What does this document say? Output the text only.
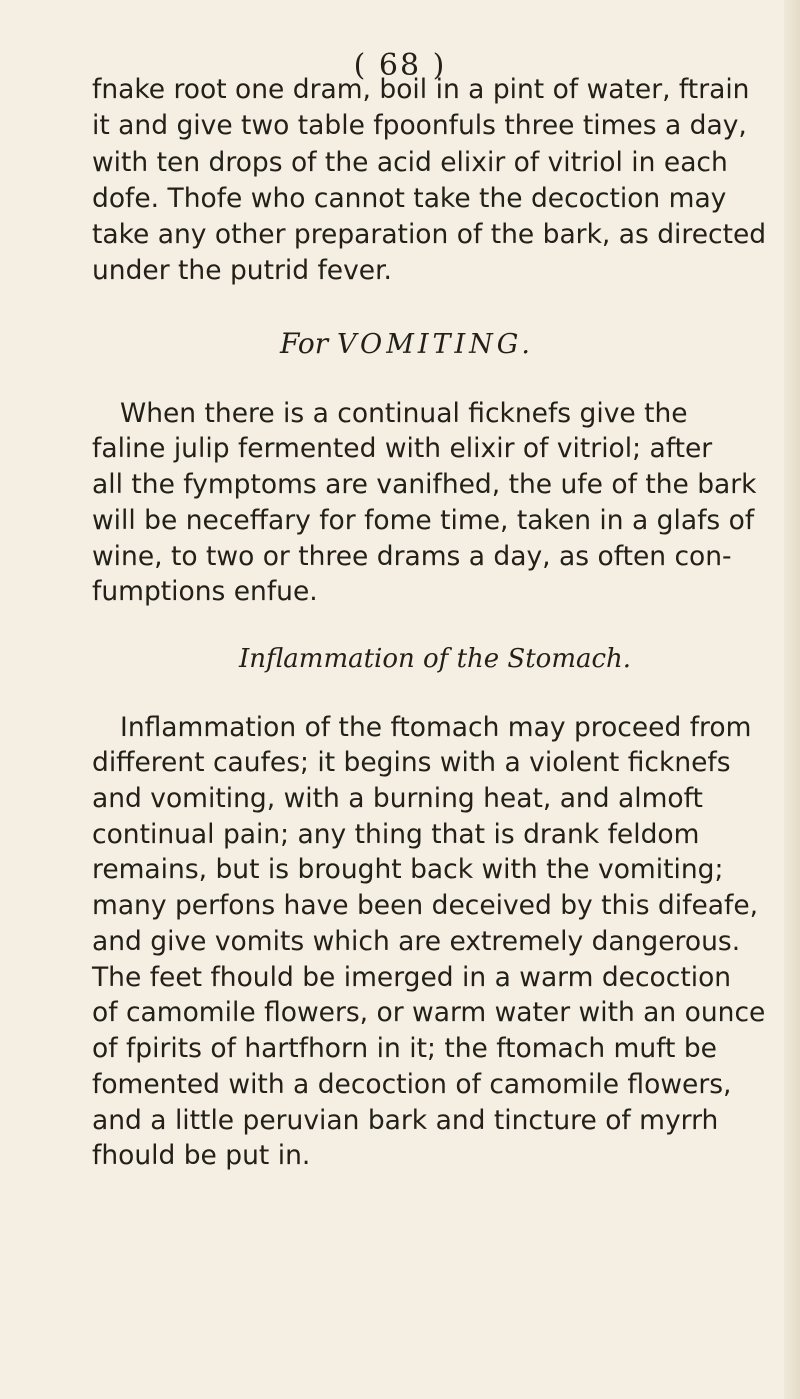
( 68 )
fnake root one dram, boil in a pint of water, ftrain
it and give two table fpoonfuls three times a day,
with ten drops of the acid elixir of vitriol in each
dofe. Thofe who cannot take the decoction may
take any other preparation of the bark, as directed
under the putrid fever.
For VOMITING.
When there is a continual ficknefs give the
faline julip fermented with elixir of vitriol; after
all the fymptoms are vanifhed, the ufe of the bark
will be neceffary for fome time, taken in a glafs of
wine, to two or three drams a day, as often con-
fumptions enfue.
Inflammation of the Stomach.
Inflammation of the ftomach may proceed from
different caufes; it begins with a violent ficknefs
and vomiting, with a burning heat, and almoft
continual pain; any thing that is drank feldom
remains, but is brought back with the vomiting;
many perfons have been deceived by this difeafe,
and give vomits which are extremely dangerous.
The feet fhould be imerged in a warm decoction
of camomile flowers, or warm water with an ounce
of fpirits of hartfhorn in it; the ftomach muft be
fomented with a decoction of camomile flowers,
and a little peruvian bark and tincture of myrrh
fhould be put in.
